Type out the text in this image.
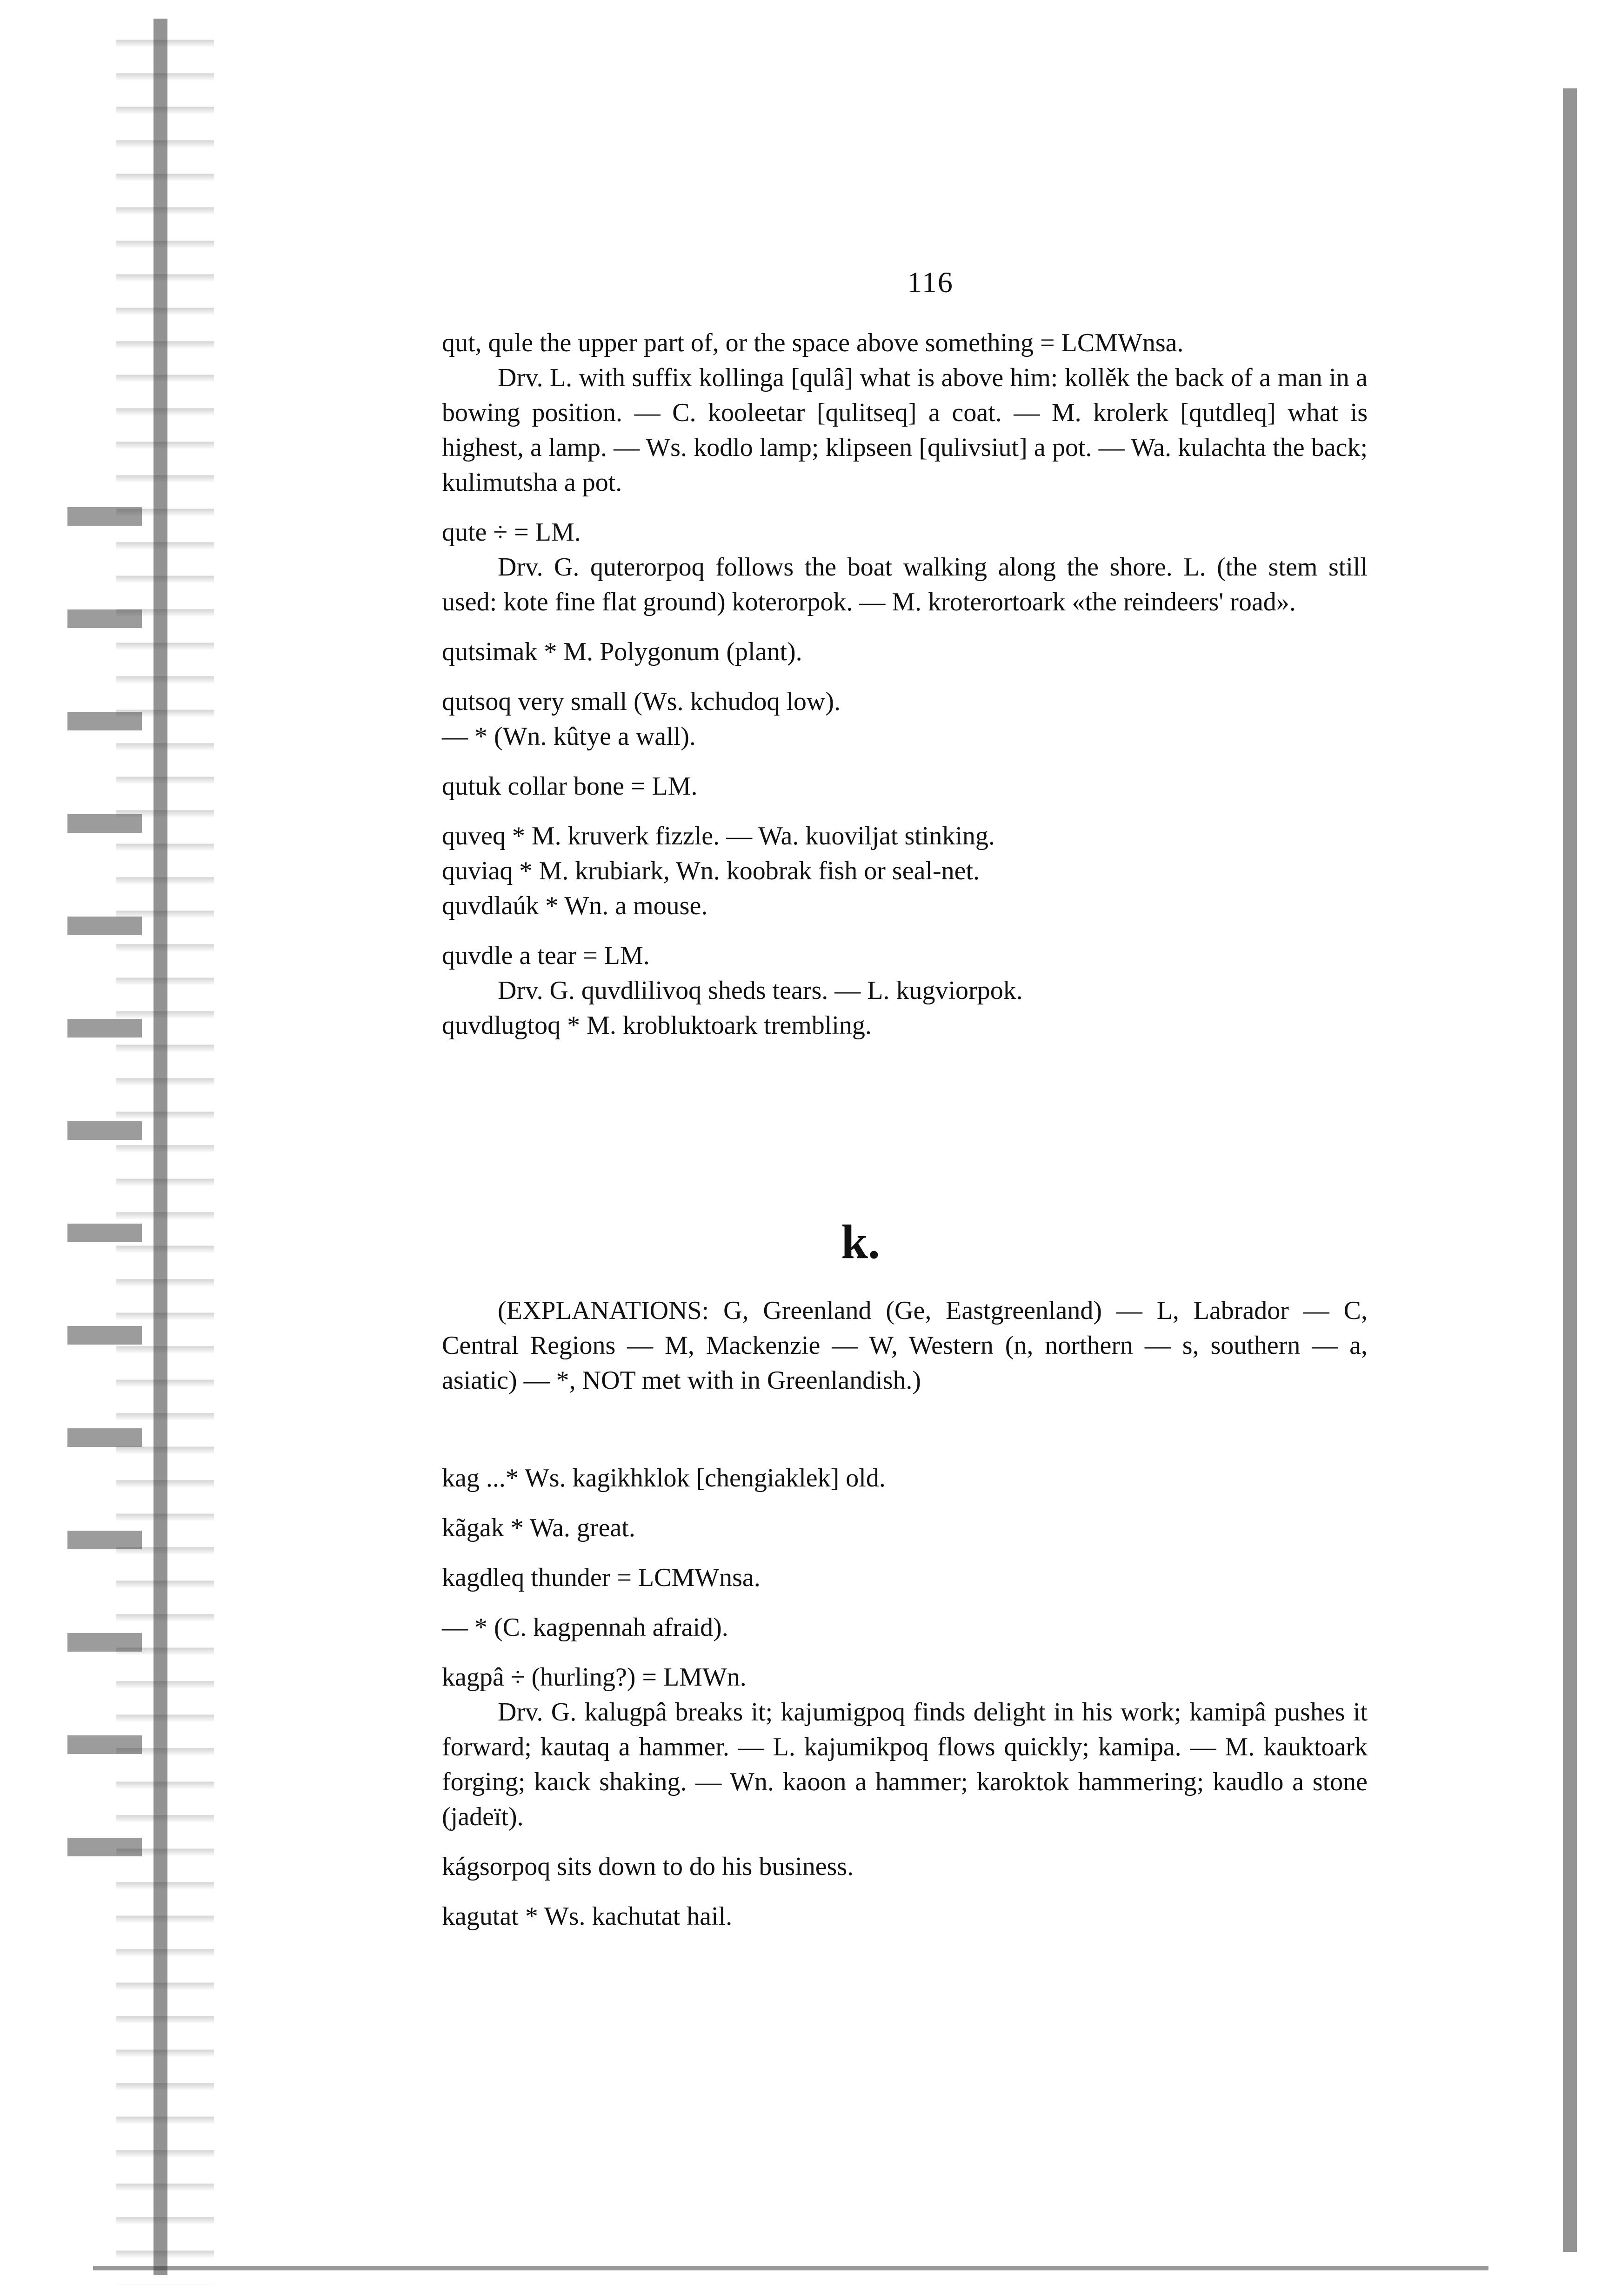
116

qut, qule the upper part of, or the space above something = LCMWnsa.

Drv. L. with suffix kollinga [qulâ] what is above him: kollěk the back of a man in a bowing position. — C. kooleetar [qulitseq] a coat. — M. krolerk [qutdleq] what is highest, a lamp. — Ws. kodlo lamp; klipseen [qulivsiut] a pot. — Wa. kulachta the back; kulimutsha a pot.

qute ÷ = LM.

Drv. G. quterorpoq follows the boat walking along the shore. L. (the stem still used: kote fine flat ground) koterorpok. — M. kroterortoark «the reindeers' road».

qutsimak * M. Polygonum (plant).

qutsoq very small (Ws. kchudoq low).

— * (Wn. kûtye a wall).

qutuk collar bone = LM.

quveq * M. kruverk fizzle. — Wa. kuoviljat stinking.

quviaq * M. krubiark, Wn. koobrak fish or seal-net.

quvdlaúk * Wn. a mouse.

quvdle a tear = LM.

Drv. G. quvdlilivoq sheds tears. — L. kugviorpok.

quvdlugtoq * M. krobluktoark trembling.

k.

(EXPLANATIONS: G, Greenland (Ge, Eastgreenland) — L, Labrador — C, Central Regions — M, Mackenzie — W, Western (n, northern — s, southern — a, asiatic) — *, NOT met with in Greenlandish.)

kag ...* Ws. kagikhklok [chengiaklek] old.

kãgak * Wa. great.

kagdleq thunder = LCMWnsa.

— * (C. kagpennah afraid).

kagpâ ÷ (hurling?) = LMWn.

Drv. G. kalugpâ breaks it; kajumigpoq finds delight in his work; kamipâ pushes it forward; kautaq a hammer. — L. kajumikpoq flows quickly; kamipa. — M. kauktoark forging; kaıck shaking. — Wn. kaoon a hammer; karoktok hammering; kaudlo a stone (jadeït).

kágsorpoq sits down to do his business.

kagutat * Ws. kachutat hail.
